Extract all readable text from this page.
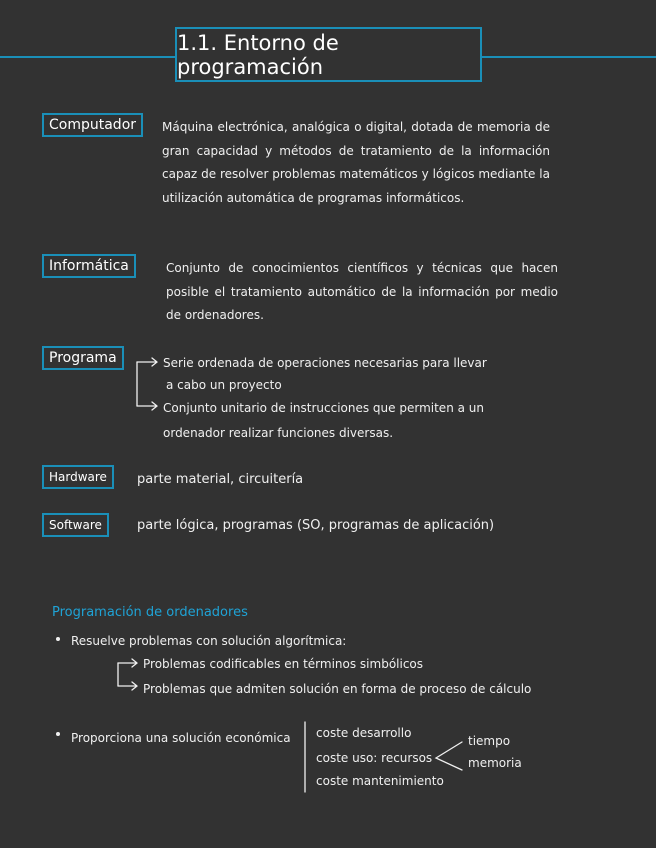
1.1. Entorno de programación
Computador	Máquina electrónica, analógica o digital, dotada de memoria de gran capacidad y métodos de tratamiento de la información capaz de resolver problemas matemáticos y lógicos mediante la utilización automática de programas informáticos.
Informática	Conjunto de conocimientos científicos y técnicas que hacen posible el tratamiento automático de la información por medio de ordenadores.
Programa	Serie ordenada de operaciones necesarias para llevar
a cabo un proyecto
Conjunto unitario de instrucciones que permiten a un
ordenador realizar funciones diversas.
Hardware	parte material, circuitería
Software	parte lógica, programas (SO, programas de aplicación)
Programación de ordenadores
Resuelve problemas con solución algorítmica:
Problemas codificables en términos simbólicos
Problemas que admiten solución en forma de proceso de cálculo
Proporciona una solución económica coste desarrollo
coste uso: recursos
coste mantenimiento
tiempo
memoria
